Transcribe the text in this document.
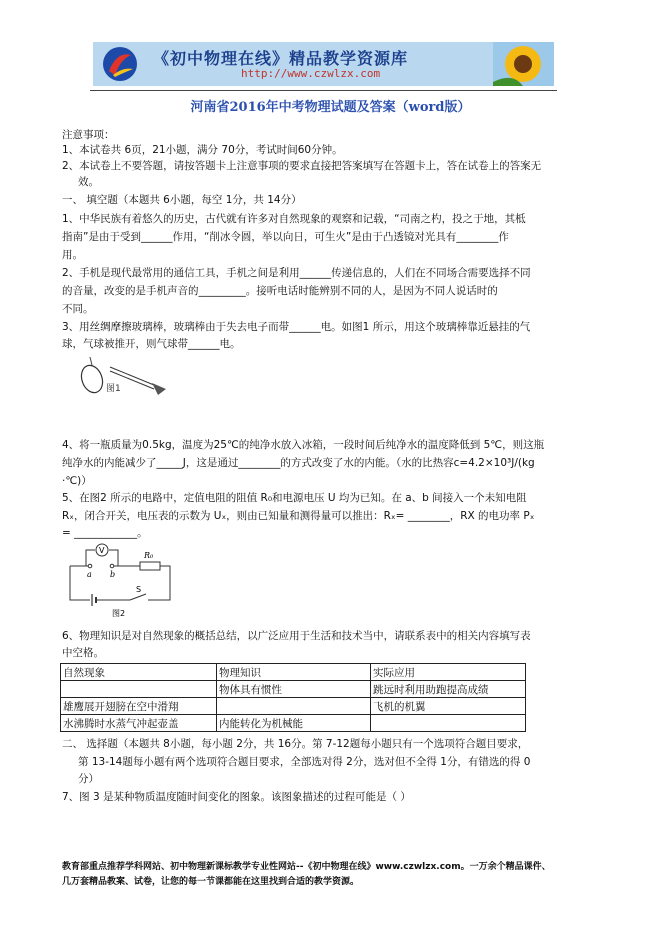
《初中物理在线》精品教学资源库
http://www.czwlzx.com
河南省2016年中考物理试题及答案（word版）
注意事项：
1、本试卷共 6页，21小题，满分 70分，考试时间60分钟。
2、本试卷上不要答题，请按答题卡上注意事项的要求直接把答案填写在答题卡上，答在试卷上的答案无
效。
一、 填空题（本题共 6小题，每空 1分，共 14分）
1、中华民族有着悠久的历史，古代就有许多对自然现象的观察和记载，“司南之杓，投之于地，其柢
指南”是由于受到______作用，“削冰令圆，举以向日，可生火”是由于凸透镜对光具有________作
用。
2、手机是现代最常用的通信工具，手机之间是利用______传递信息的，人们在不同场合需要选择不同
的音量，改变的是手机声音的_________。接听电话时能辨别不同的人，是因为不同人说话时的
不同。
3、用丝绸摩擦玻璃棒，玻璃棒由于失去电子而带______电。如图1 所示，用这个玻璃棒靠近悬挂的气
球，气球被推开，则气球带______电。
图1
4、将一瓶质量为0.5kg，温度为25℃的纯净水放入冰箱，一段时间后纯净水的温度降低到 5℃，则这瓶
纯净水的内能减少了_____J，这是通过________的方式改变了水的内能。（水的比热容c=4.2×10³J/(kg
·℃)）
5、在图2 所示的电路中，定值电阻的阻值 R₀和电源电压 U 均为已知。在 a、b 间接入一个未知电阻
Rₓ，闭合开关，电压表的示数为 Uₓ，则由已知量和测得量可以推出：Rₓ= ________，RX 的电功率 Pₓ
= ____________。
V
a b
R₀
S
图2
6、物理知识是对自然现象的概括总结，以广泛应用于生活和技术当中，请联系表中的相关内容填写表
中空格。
自然现象	物理知识	实际应用
	物体具有惯性	跳远时利用助跑提高成绩
雄鹰展开翅膀在空中滑翔		飞机的机翼
水沸腾时水蒸气冲起壶盖	内能转化为机械能	
二、 选择题（本题共 8小题，每小题 2分，共 16分。第 7-12题每小题只有一个选项符合题目要求，
第 13-14题每小题有两个选项符合题目要求，全部选对得 2分，选对但不全得 1分，有错选的得 0
分）
7、图 3 是某种物质温度随时间变化的图象。该图象描述的过程可能是（ ）
教育部重点推荐学科网站、初中物理新课标教学专业性网站--《初中物理在线》www.czwlzx.com。一万余个精品课件、
几万套精品教案、试卷，让您的每一节课都能在这里找到合适的教学资源。
